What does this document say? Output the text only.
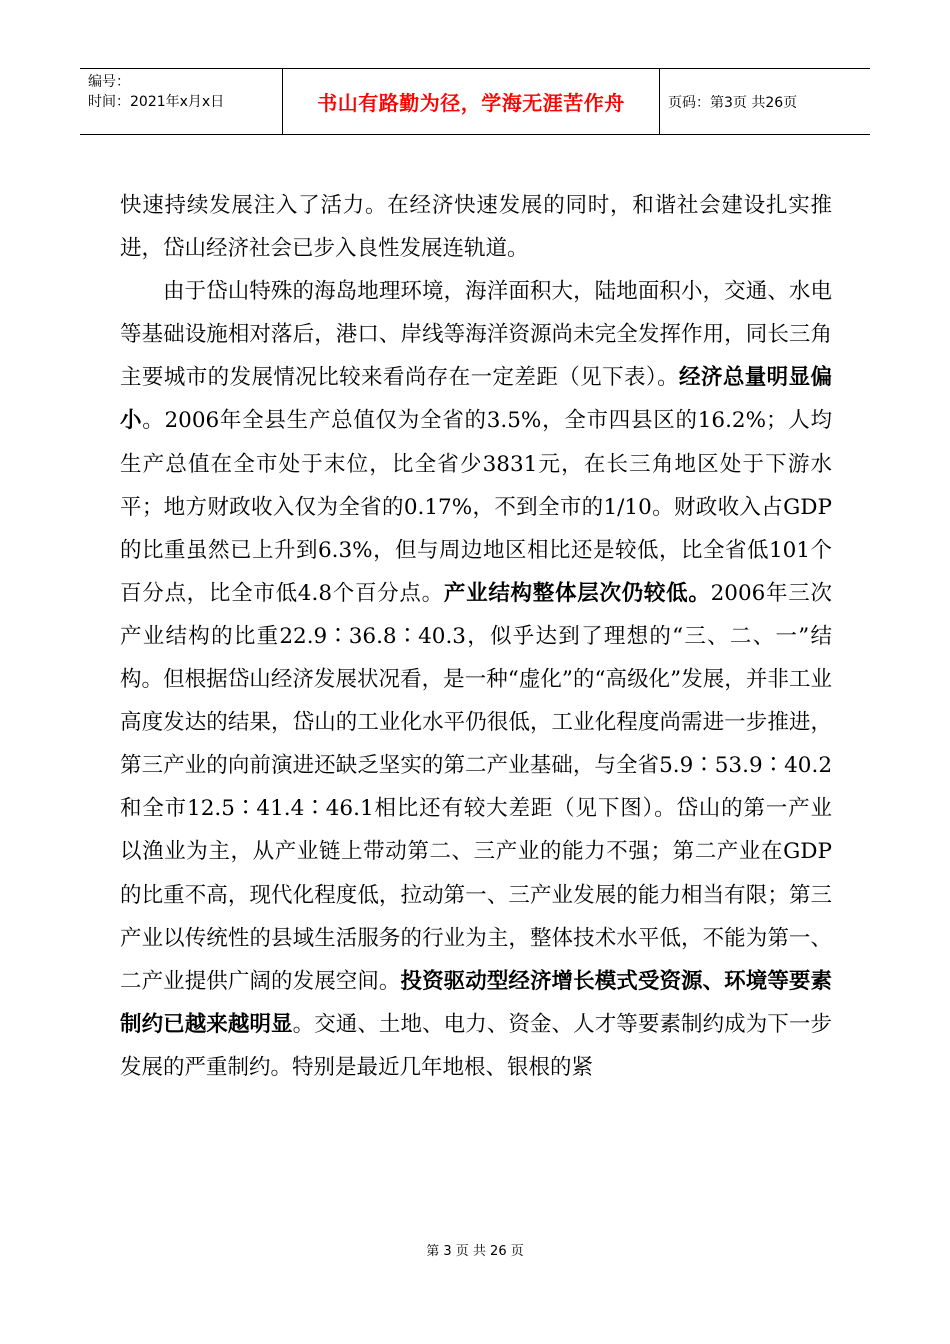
编号：
时间：2021年x月x日	书山有路勤为径，学海无涯苦作舟	页码：第3页 共26页

快速持续发展注入了活力。在经济快速发展的同时，和谐社会建设扎实推进，岱山经济社会已步入良性发展连轨道。

由于岱山特殊的海岛地理环境，海洋面积大，陆地面积小，交通、水电等基础设施相对落后，港口、岸线等海洋资源尚未完全发挥作用，同长三角主要城市的发展情况比较来看尚存在一定差距（见下表）。经济总量明显偏小。2006年全县生产总值仅为全省的3.5%，全市四县区的16.2%；人均生产总值在全市处于末位，比全省少3831元，在长三角地区处于下游水平；地方财政收入仅为全省的0.17%，不到全市的1/10。财政收入占GDP的比重虽然已上升到6.3%，但与周边地区相比还是较低，比全省低101个百分点，比全市低4.8个百分点。产业结构整体层次仍较低。2006年三次产业结构的比重22.9∶36.8∶40.3，似乎达到了理想的“三、二、一”结构。但根据岱山经济发展状况看，是一种“虚化”的“高级化”发展，并非工业高度发达的结果，岱山的工业化水平仍很低，工业化程度尚需进一步推进，第三产业的向前演进还缺乏坚实的第二产业基础，与全省5.9∶53.9∶40.2和全市12.5∶41.4∶46.1相比还有较大差距（见下图）。岱山的第一产业以渔业为主，从产业链上带动第二、三产业的能力不强；第二产业在GDP的比重不高，现代化程度低，拉动第一、三产业发展的能力相当有限；第三产业以传统性的县域生活服务的行业为主，整体技术水平低，不能为第一、二产业提供广阔的发展空间。投资驱动型经济增长模式受资源、环境等要素制约已越来越明显。交通、土地、电力、资金、人才等要素制约成为下一步发展的严重制约。特别是最近几年地根、银根的紧

第 3 页 共 26 页
